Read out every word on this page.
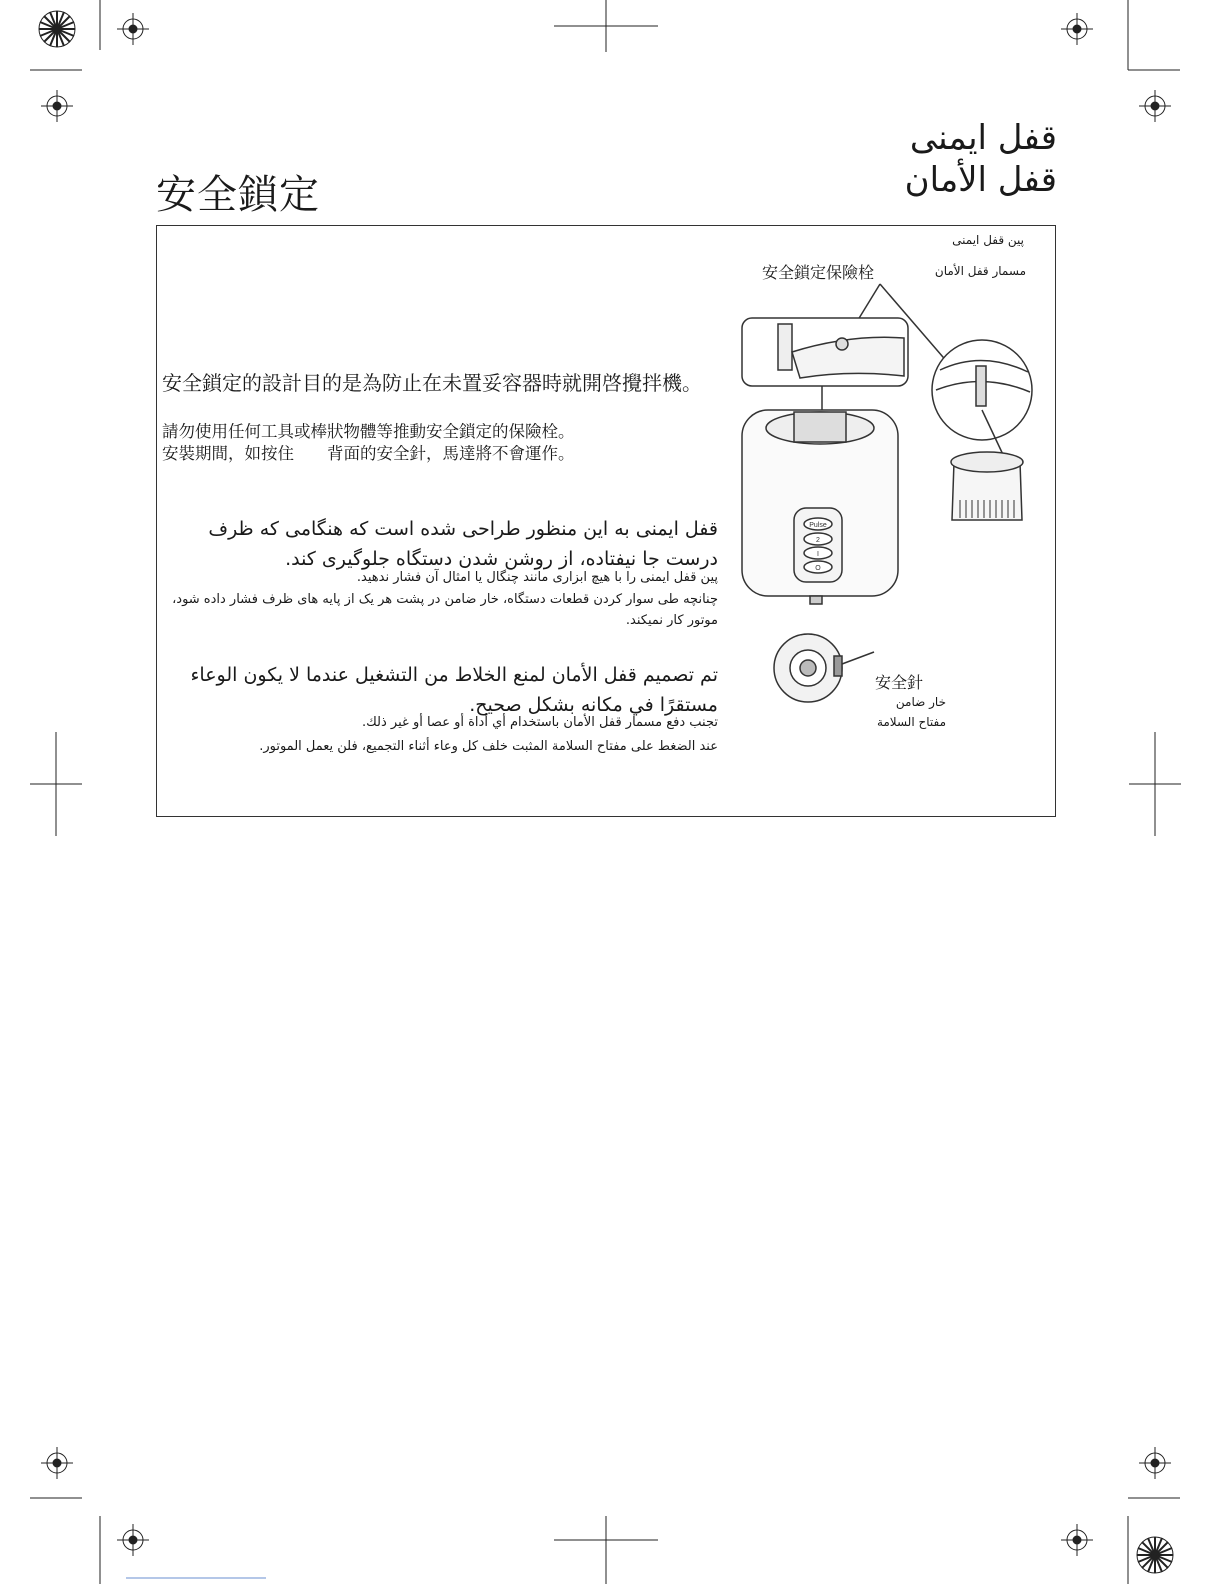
قفل ایمنی
قفل الأمان
安全鎖定
安全鎖定的設計目的是為防止在未置妥容器時就開啓攪拌機。
請勿使用任何工具或棒狀物體等推動安全鎖定的保險栓。
安裝期間，如按住　　背面的安全針，馬達將不會運作。
قفل ایمنی به این منظور طراحی شده است که هنگامی که ظرف درست جا نیفتاده، از روشن شدن دستگاه جلوگیری کند.
پین قفل ایمنی را با هیچ ابزاری مانند چنگال یا امثال آن فشار ندهید.
چنانچه طی سوار کردن قطعات دستگاه، خار ضامن در پشت هر یک از پایه های ظرف فشار داده شود، موتور کار نمیکند.
تم تصميم قفل الأمان لمنع الخلاط من التشغيل عندما لا يكون الوعاء مستقرًا في مكانه بشكل صحيح.
تجنب دفع مسمار قفل الأمان باستخدام أي أداة أو عصا أو غير ذلك.
عند الضغط على مفتاح السلامة المثبت خلف كل وعاء أثناء التجميع، فلن يعمل الموتور.
پین قفل ایمنی
安全鎖定保險栓	مسمار قفل الأمان
安全針
خار ضامن
مفتاح السلامة
Pulse
2
I
O
